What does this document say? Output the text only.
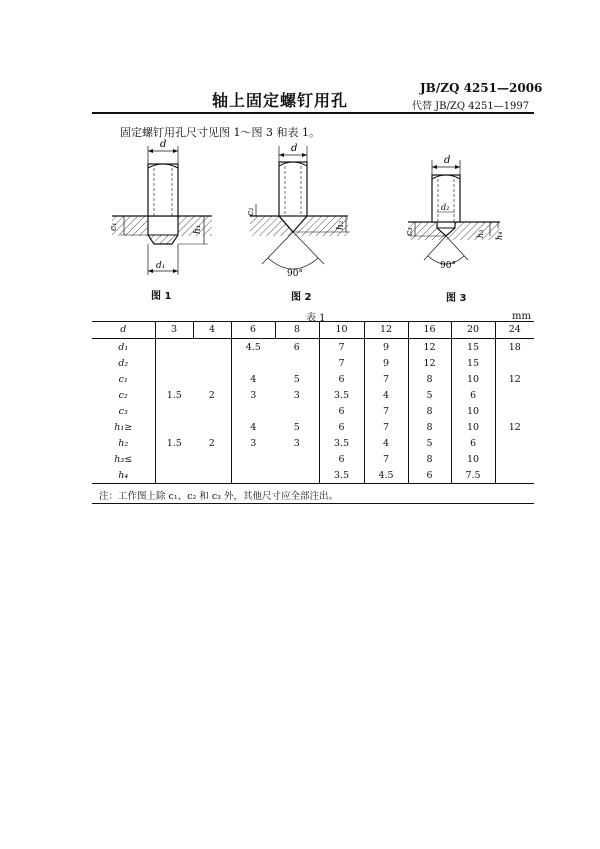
JB/ZQ 4251—2006
轴上固定螺钉用孔	代替 JB/ZQ 4251—1997
固定螺钉用孔尺寸见图 1～图 3 和表 1。
d
c₁	h₁
d₁
d
c₂
h₂
90°
d
d₂
c₃	h₃ h₄
90°
图 1	图 2	图 3
表 1	mm
d	3	4	6	8	10	12	16	20	24
d₁			4.5	6	7	9	12	15	18
d₂					7	9	12	15	
c₁			4	5	6	7	8	10	12
c₂	1.5	2	3	3	3.5	4	5	6	
c₃					6	7	8	10	
h₁≥			4	5	6	7	8	10	12
h₂	1.5	2	3	3	3.5	4	5	6	
h₃≤					6	7	8	10	
h₄					3.5	4.5	6	7.5	

注：工作图上除 c₁、c₂ 和 c₃ 外，其他尺寸应全部注出。
